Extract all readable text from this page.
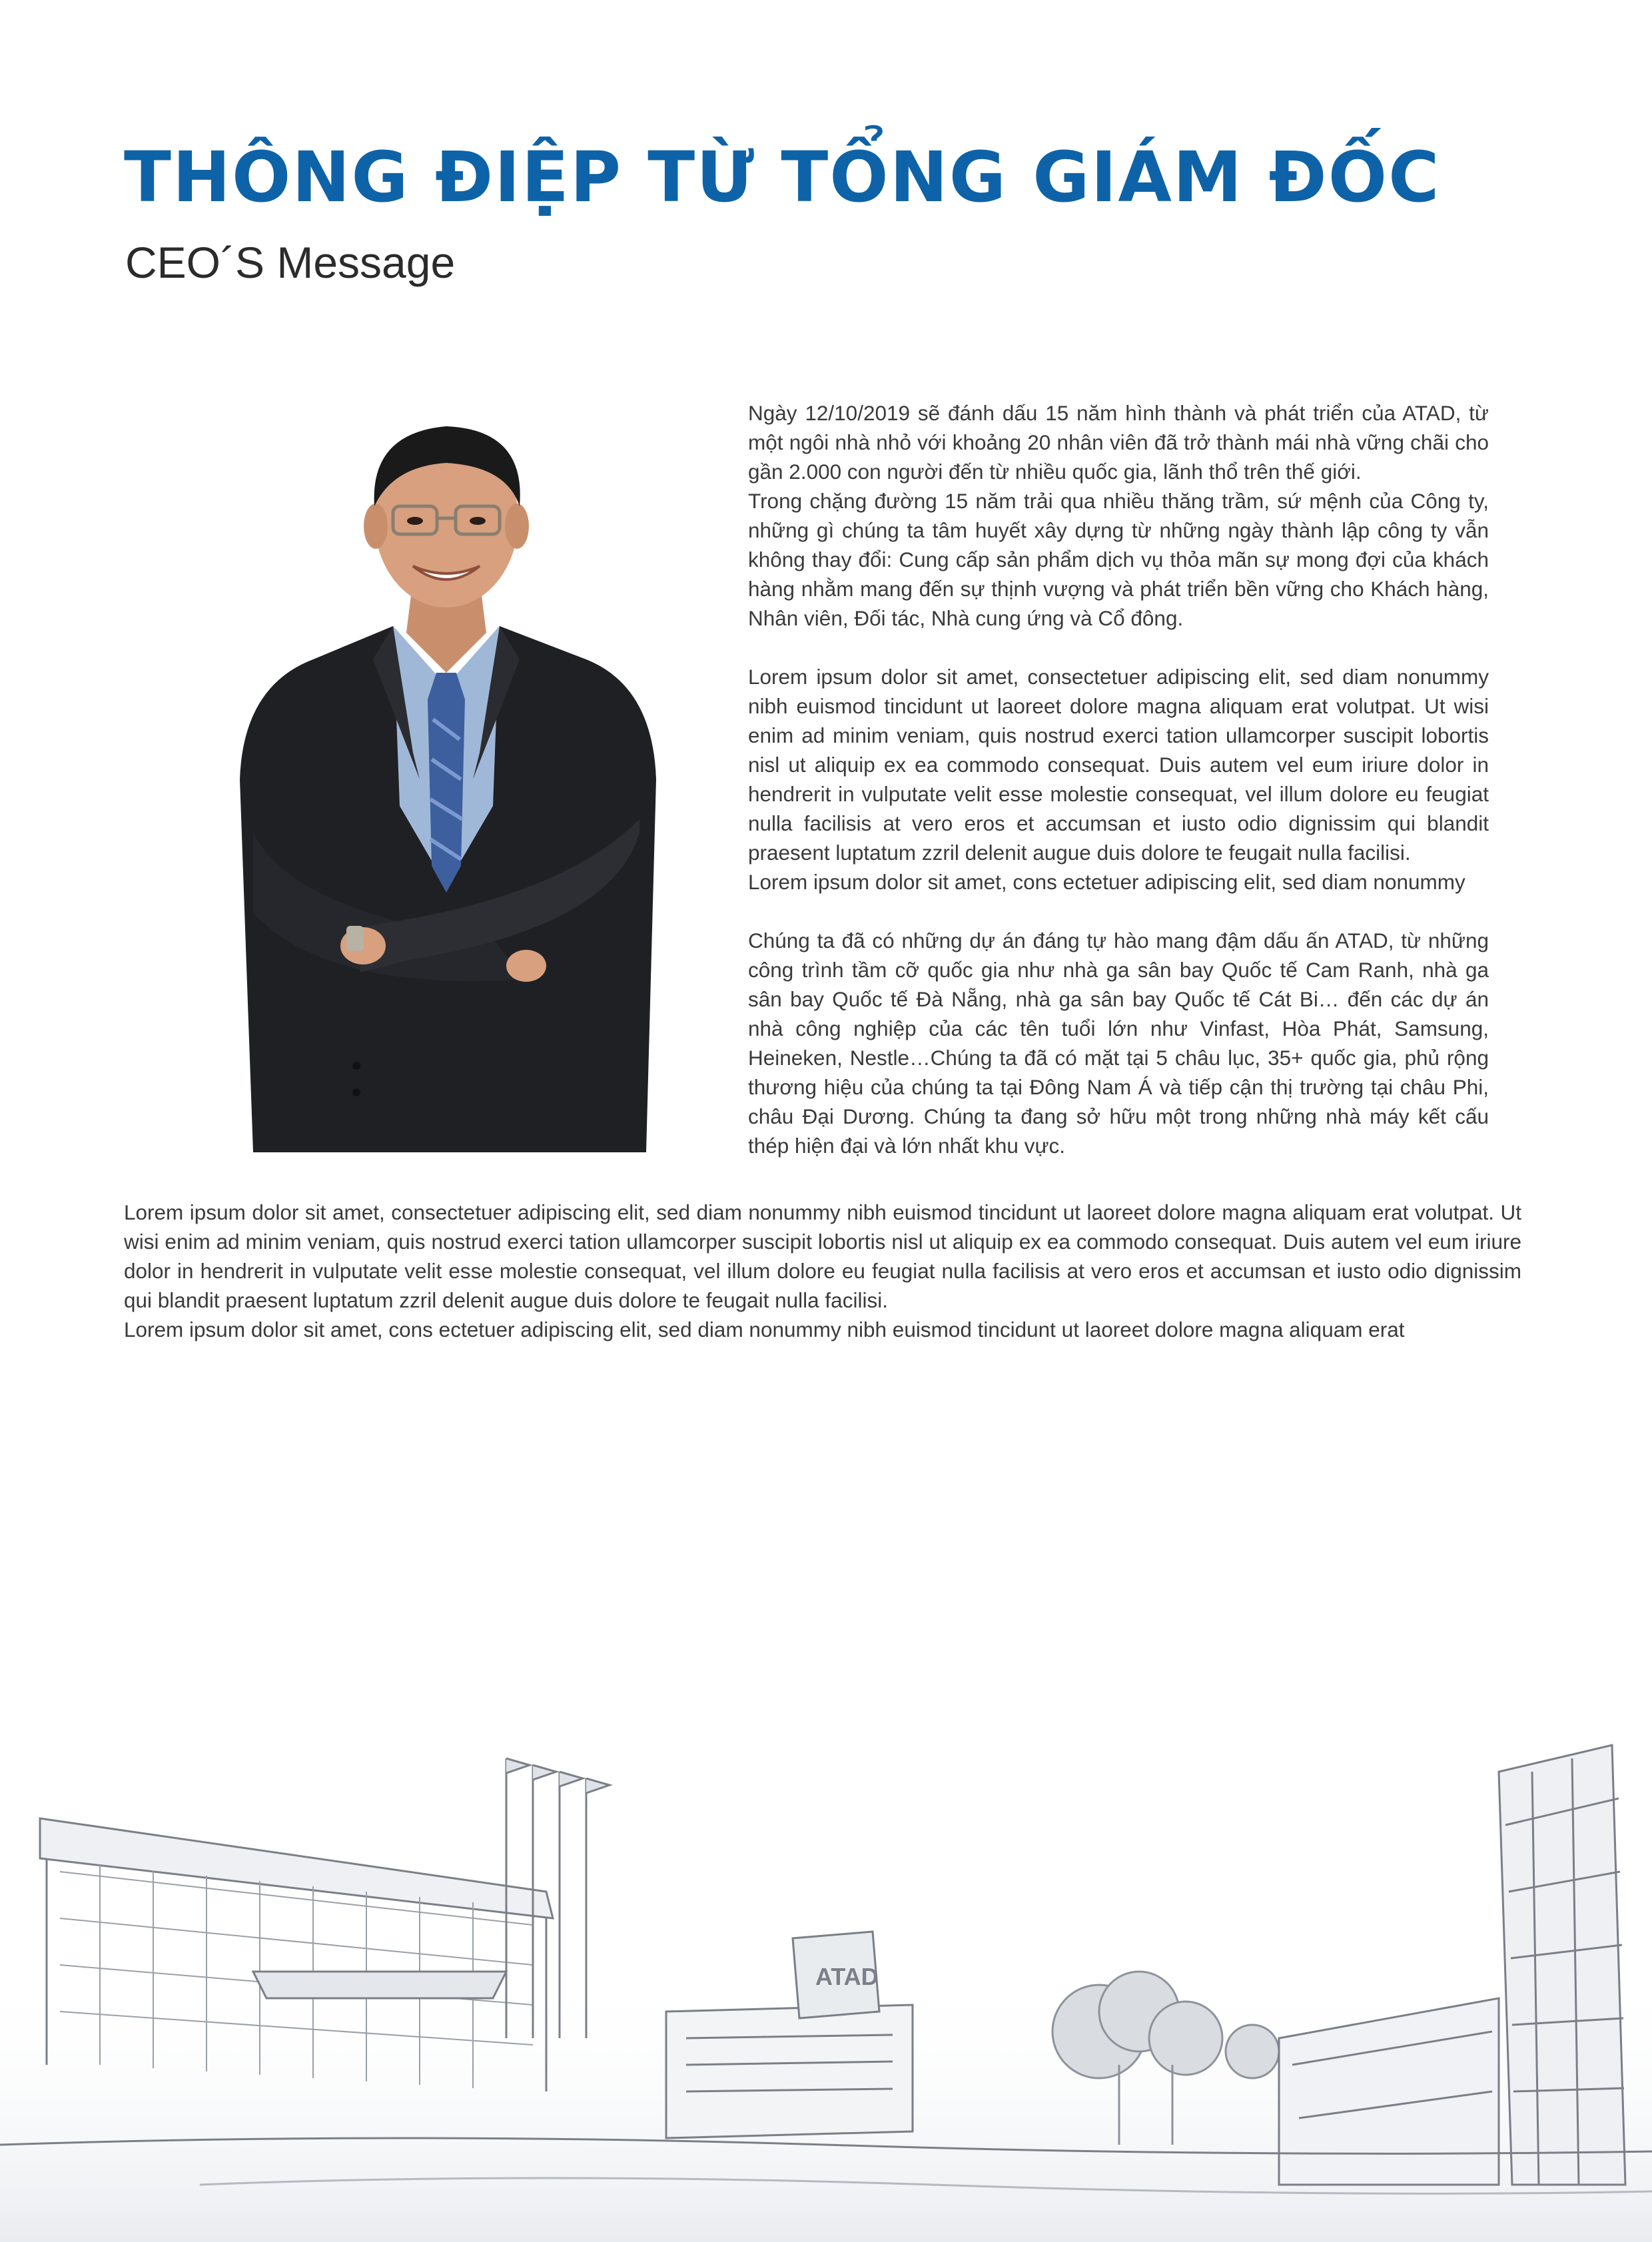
THÔNG ĐIỆP TỪ TỔNG GIÁM ĐỐC
CEO´S Message

Ngày 12/10/2019 sẽ đánh dấu 15 năm hình thành và phát triển của ATAD, từ một ngôi nhà nhỏ với khoảng 20 nhân viên đã trở thành mái nhà vững chãi cho gần 2.000 con người đến từ nhiều quốc gia, lãnh thổ trên thế giới.

Trong chặng đường 15 năm trải qua nhiều thăng trầm, sứ mệnh của Công ty, những gì chúng ta tâm huyết xây dựng từ những ngày thành lập công ty vẫn không thay đổi: Cung cấp sản phẩm dịch vụ thỏa mãn sự mong đợi của khách hàng nhằm mang đến sự thịnh vượng và phát triển bền vững cho Khách hàng, Nhân viên, Đối tác, Nhà cung ứng và Cổ đông.

Lorem ipsum dolor sit amet, consectetuer adipiscing elit, sed diam nonummy nibh euismod tincidunt ut laoreet dolore magna aliquam erat volutpat. Ut wisi enim ad minim veniam, quis nostrud exerci tation ullamcorper suscipit lobortis nisl ut aliquip ex ea commodo consequat. Duis autem vel eum iriure dolor in hendrerit in vulputate velit esse molestie consequat, vel illum dolore eu feugiat nulla facilisis at vero eros et accumsan et iusto odio dignissim qui blandit praesent luptatum zzril delenit augue duis dolore te feugait nulla facilisi.

Lorem ipsum dolor sit amet, cons ectetuer adipiscing elit, sed diam nonummy

Chúng ta đã có những dự án đáng tự hào mang đậm dấu ấn ATAD, từ những công trình tầm cỡ quốc gia như nhà ga sân bay Quốc tế Cam Ranh, nhà ga sân bay Quốc tế Đà Nẵng, nhà ga sân bay Quốc tế Cát Bi… đến các dự án nhà công nghiệp của các tên tuổi lớn như Vinfast, Hòa Phát, Samsung, Heineken, Nestle…Chúng ta đã có mặt tại 5 châu lục, 35+ quốc gia, phủ rộng thương hiệu của chúng ta tại Đông Nam Á và tiếp cận thị trường tại châu Phi, châu Đại Dương. Chúng ta đang sở hữu một trong những nhà máy kết cấu thép hiện đại và lớn nhất khu vực.

Lorem ipsum dolor sit amet, consectetuer adipiscing elit, sed diam nonummy nibh euismod tincidunt ut laoreet dolore magna aliquam erat volutpat. Ut wisi enim ad minim veniam, quis nostrud exerci tation ullamcorper suscipit lobortis nisl ut aliquip ex ea commodo consequat. Duis autem vel eum iriure dolor in hendrerit in vulputate velit esse molestie consequat, vel illum dolore eu feugiat nulla facilisis at vero eros et accumsan et iusto odio dignissim qui blandit praesent luptatum zzril delenit augue duis dolore te feugait nulla facilisi.

Lorem ipsum dolor sit amet, cons ectetuer adipiscing elit, sed diam nonummy nibh euismod tincidunt ut laoreet dolore magna aliquam erat

ATAD
